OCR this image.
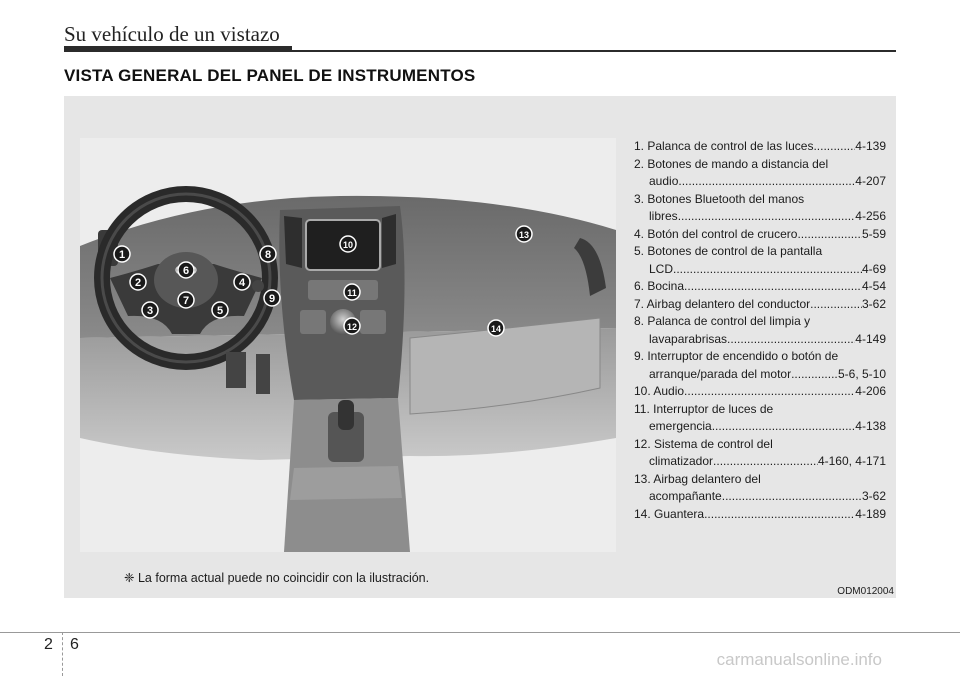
Su vehículo de un vistazo
VISTA GENERAL DEL PANEL DE INSTRUMENTOS
1
2
3
4
5
6
7
8
9
10
11
12
13
14
1. Palanca de control de las luces .....	4-139
2. Botones de mando a distancia del
audio .....	4-207
3. Botones Bluetooth del manos
libres .....	4-256
4. Botón del control de crucero .....	5-59
5. Botones de control de la pantalla
LCD .....	4-69
6. Bocina .....	4-54
7. Airbag delantero del conductor .....	3-62
8. Palanca de control del limpia y
lavaparabrisas .....	4-149
9. Interruptor de encendido o botón de
arranque/parada del motor .....	5-6, 5-10
10. Audio .....	4-206
11. Interruptor de luces de
emergencia .....	4-138
12. Sistema de control del
climatizador .....	4-160, 4-171
13. Airbag delantero del
acompañante .....	3-62
14. Guantera .....	4-189
❈ La forma actual puede no coincidir con la ilustración.
ODM012004
2 6
carmanualsonline.info
